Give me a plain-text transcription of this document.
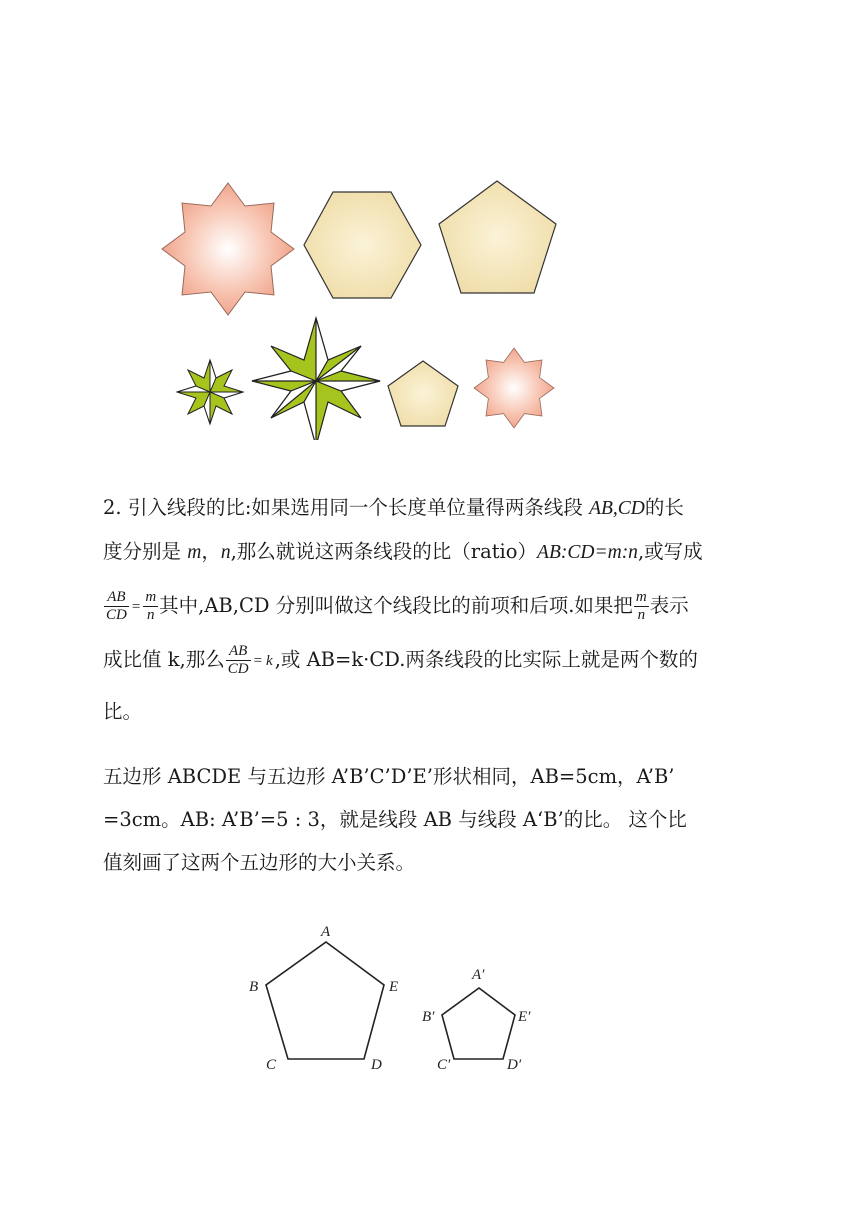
2. 引入线段的比:如果选用同一个长度单位量得两条线段 AB,CD的长
度分别是 m，n,那么就说这两条线段的比（ratio）AB:CD=m:n,或写成
$\frac{AB}{CD} = \frac{m}{n}$ 其中,AB,CD 分别叫做这个线段比的前项和后项.如果把 $\frac{m}{n}$ 表示
成比值 k,那么 $\frac{AB}{CD} = k$ ,或 AB=k·CD.两条线段的比实际上就是两个数的
比。
五边形 ABCDE 与五边形 A’B’C’D’E’形状相同，AB=5cm，A’B’
=3cm。AB: A’B’=5 : 3，就是线段 AB 与线段 A‘B’的比。 这个比
值刻画了这两个五边形的大小关系。
A
B
C	D
E
A′
B′
C′	D′
E′
